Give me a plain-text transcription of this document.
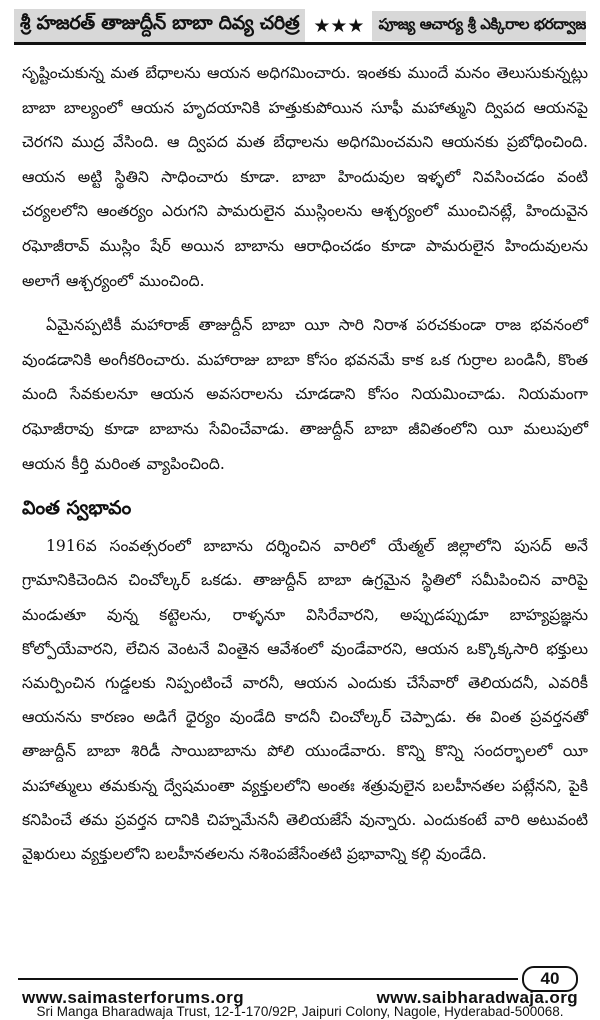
శ్రీ హజరత్ తాజుద్దీన్ బాబా దివ్య చరిత్ర ★★★ పూజ్య ఆచార్య శ్రీ ఎక్కిరాల భరద్వాజ

సృష్టించుకున్న మత బేధాలను ఆయన అధిగమించారు. ఇంతకు ముందే మనం తెలుసుకున్నట్లు బాబా బాల్యంలో ఆయన హృదయానికి హత్తుకుపోయిన సూఫీ మహాత్ముని ద్విపద ఆయనపై చెరగని ముద్ర వేసింది. ఆ ద్విపద మత బేధాలను అధిగమించమని ఆయనకు ప్రబోధించింది. ఆయన అట్టి స్థితిని సాధించారు కూడా. బాబా హిందువుల ఇళ్ళలో నివసించడం వంటి చర్యలలోని ఆంతర్యం ఎరుగని పామరులైన ముస్లింలను ఆశ్చర్యంలో ముంచినట్లే, హిందువైన రఘోజీరావ్ ముస్లిం షేర్ అయిన బాబాను ఆరాధించడం కూడా పామరులైన హిందువులను అలాగే ఆశ్చర్యంలో ముంచింది.

ఏమైనప్పటికీ మహారాజ్ తాజుద్దీన్ బాబా యీ సారి నిరాశ పరచకుండా రాజ భవనంలో వుండడానికి అంగీకరించారు. మహారాజు బాబా కోసం భవనమే కాక ఒక గుర్రాల బండినీ, కొంత మంది సేవకులనూ ఆయన అవసరాలను చూడడాని కోసం నియమించాడు. నియమంగా రఘోజీరావు కూడా బాబాను సేవించేవాడు. తాజుద్దీన్ బాబా జీవితంలోని యీ మలుపులో ఆయన కీర్తి మరింత వ్యాపించింది.

వింత స్వభావం

1916వ సంవత్సరంలో బాబాను దర్శించిన వారిలో యేత్మల్ జిల్లాలోని పుసద్ అనే గ్రామానికిచెందిన చించోల్కర్ ఒకడు. తాజుద్దీన్ బాబా ఉగ్రమైన స్థితిలో సమీపించిన వారిపై మండుతూ వున్న కట్టెలను, రాళ్ళనూ విసిరేవారని, అప్పుడప్పుడూ బాహ్యప్రజ్ఞను కోల్పోయేవారని, లేచిన వెంటనే వింతైన ఆవేశంలో వుండేవారని, ఆయన ఒక్కొక్కసారి భక్తులు సమర్పించిన గుడ్డలకు నిప్పంటించే వారనీ, ఆయన ఎందుకు చేసేవారో తెలియదనీ, ఎవరికీ ఆయనను కారణం అడిగే ధైర్యం వుండేది కాదనీ చించోల్కర్ చెప్పాడు. ఈ వింత ప్రవర్తనతో తాజుద్దీన్ బాబా శిరిడీ సాయిబాబాను పోలి యుండేవారు. కొన్ని కొన్ని సందర్భాలలో యీ మహాత్ములు తమకున్న ద్వేషమంతా వ్యక్తులలోని అంతః శత్రువులైన బలహీనతల పట్లేనని, పైకి కనిపించే తమ ప్రవర్తన దానికి చిహ్నమేననీ తెలియజేసే వున్నారు. ఎందుకంటే వారి అటువంటి వైఖరులు వ్యక్తులలోని బలహీనతలను నశింపజేసేంతటి ప్రభావాన్ని కల్గి వుండేది.

40
www.saimasterforums.org	www.saibharadwaja.org
Sri Manga Bharadwaja Trust, 12-1-170/92P, Jaipuri Colony, Nagole, Hyderabad-500068.
